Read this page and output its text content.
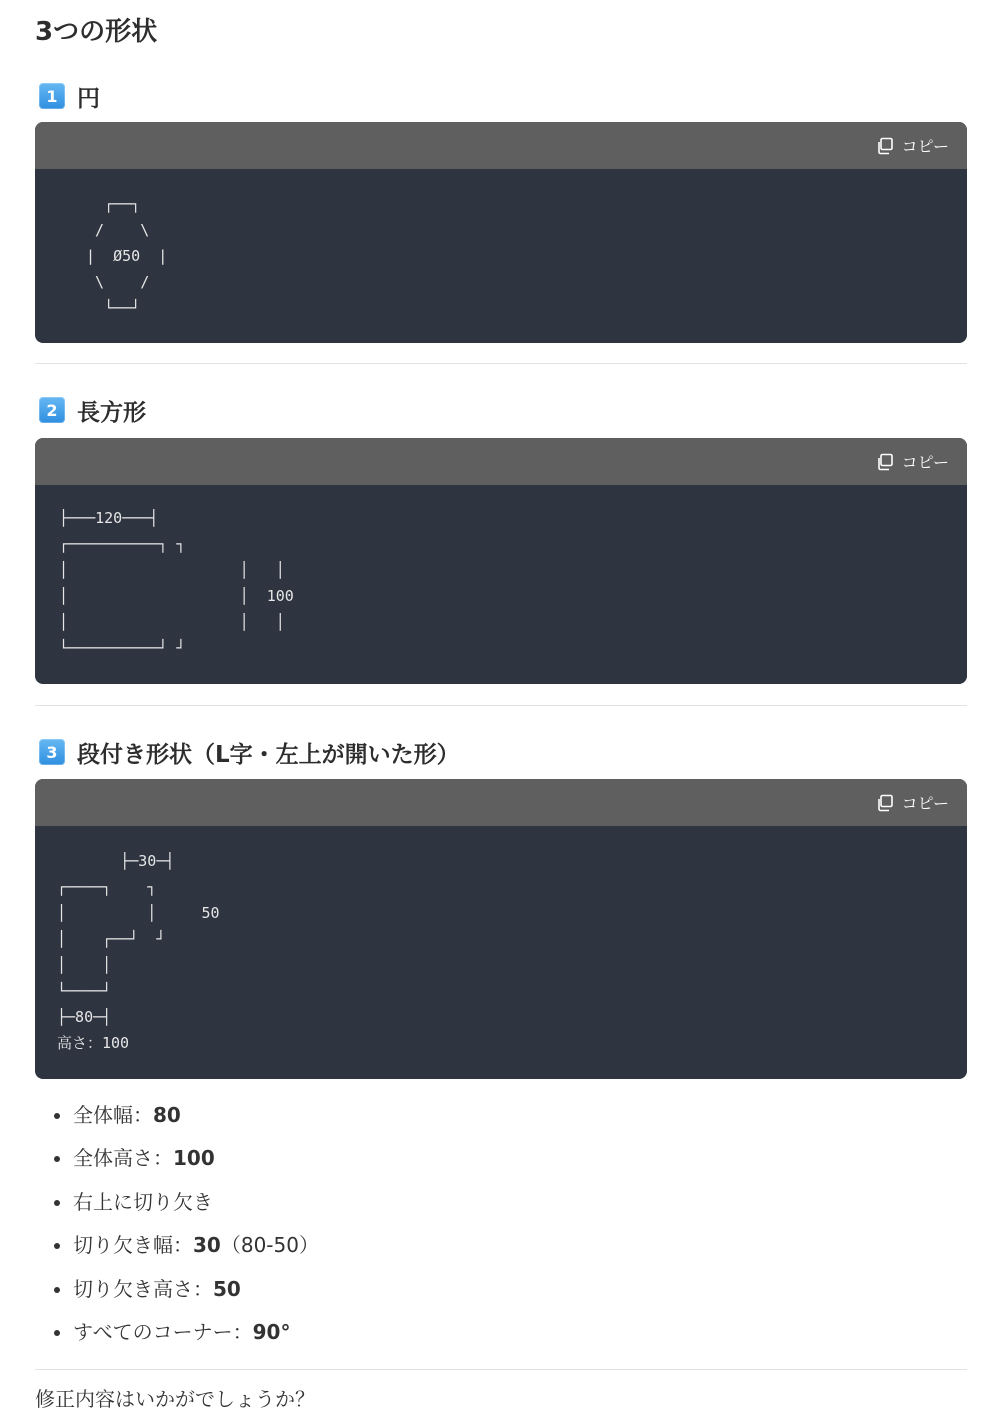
3つの形状
1 円
コピー
┌──┐
/    \
|  Ø50  |
\    /
└──┘
2 長方形
コピー
├───120───┤
┌──────────┐ ┐
│                   │   │
│                   │  100
│                   │   │
└──────────┘ ┘
3 段付き形状（L字・左上が開いた形）
コピー
├─30─┤
┌────┐    ┐
│         │     50
│    ┌──┘  ┘
│    │
└────┘
├─80─┤
高さ：100
• 全体幅：80
• 全体高さ：100
• 右上に切り欠き
• 切り欠き幅：30（80-50）
• 切り欠き高さ：50
• すべてのコーナー：90°
修正内容はいかがでしょうか？
